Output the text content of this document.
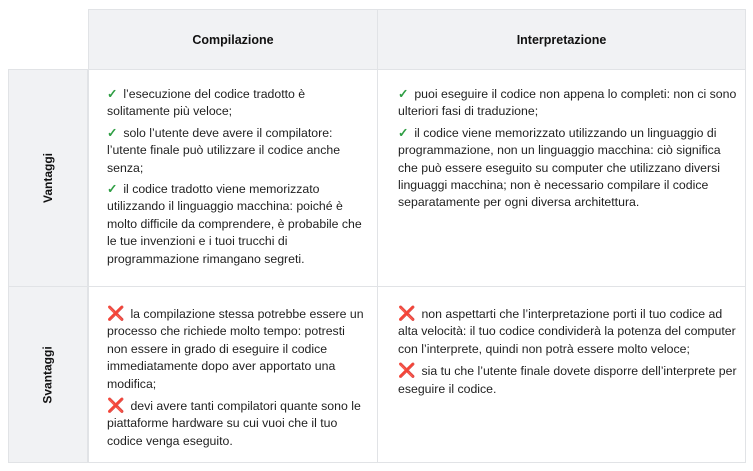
Compilazione	Interpretazione
Vantaggi
Svantaggi
✓ l’esecuzione del codice tradotto è solitamente più veloce;
✓ solo l’utente deve avere il compilatore: l’utente finale può utilizzare il codice anche senza;
✓ il codice tradotto viene memorizzato utilizzando il linguaggio macchina: poiché è molto difficile da comprendere, è probabile che le tue invenzioni e i tuoi trucchi di programmazione rimangano segreti.
✓ puoi eseguire il codice non appena lo completi: non ci sono ulteriori fasi di traduzione;
✓ il codice viene memorizzato utilizzando un linguaggio di programmazione, non un linguaggio macchina: ciò significa che può essere eseguito su computer che utilizzano diversi linguaggi macchina; non è necessario compilare il codice separatamente per ogni diversa architettura.
❌ la compilazione stessa potrebbe essere un processo che richiede molto tempo: potresti non essere in grado di eseguire il codice immediatamente dopo aver apportato una modifica;
❌ devi avere tanti compilatori quante sono le piattaforme hardware su cui vuoi che il tuo codice venga eseguito.
❌ non aspettarti che l’interpretazione porti il tuo codice ad alta velocità: il tuo codice condividerà la potenza del computer con l’interprete, quindi non potrà essere molto veloce;
❌ sia tu che l’utente finale dovete disporre dell’interprete per eseguire il codice.
